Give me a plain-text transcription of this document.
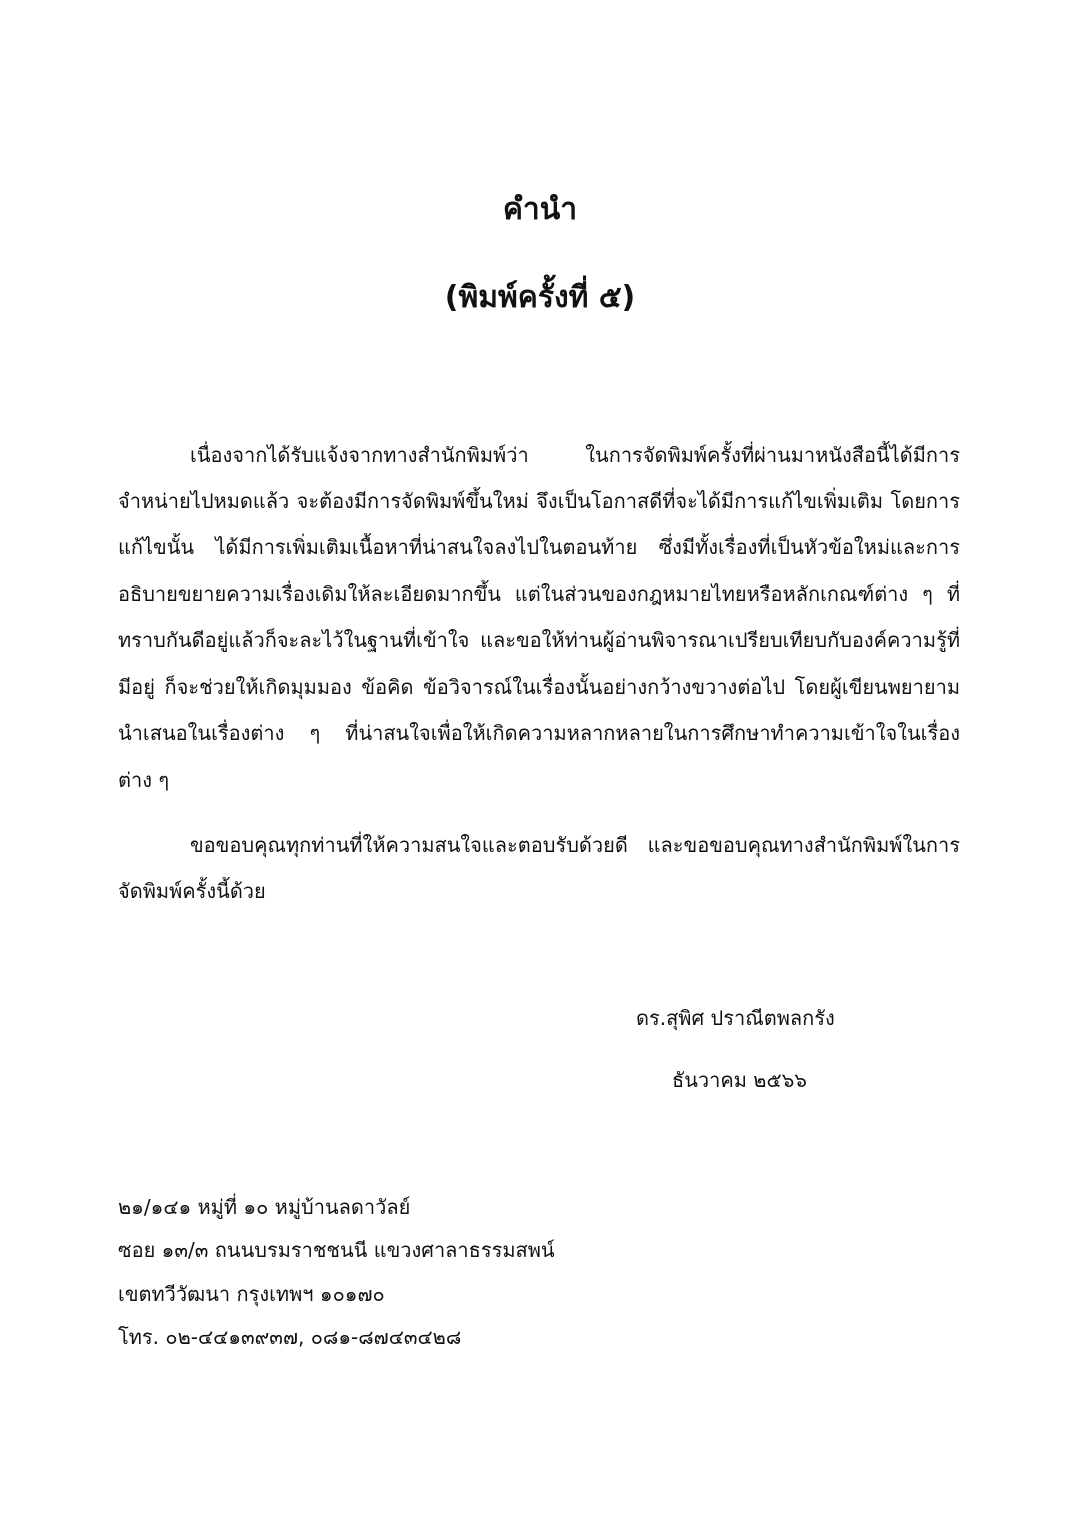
คำนำ
(พิมพ์ครั้งที่ ๕)
เนื่องจากได้รับแจ้งจากทางสำนักพิมพ์ว่า ในการจัดพิมพ์ครั้งที่ผ่านมาหนังสือนี้ได้มีการ
จำหน่ายไปหมดแล้ว จะต้องมีการจัดพิมพ์ขึ้นใหม่ จึงเป็นโอกาสดีที่จะได้มีการแก้ไขเพิ่มเติม โดยการ
แก้ไขนั้น ได้มีการเพิ่มเติมเนื้อหาที่น่าสนใจลงไปในตอนท้าย ซึ่งมีทั้งเรื่องที่เป็นหัวข้อใหม่และการ
อธิบายขยายความเรื่องเดิมให้ละเอียดมากขึ้น แต่ในส่วนของกฎหมายไทยหรือหลักเกณฑ์ต่าง ๆ ที่
ทราบกันดีอยู่แล้วก็จะละไว้ในฐานที่เข้าใจ และขอให้ท่านผู้อ่านพิจารณาเปรียบเทียบกับองค์ความรู้ที่
มีอยู่ ก็จะช่วยให้เกิดมุมมอง ข้อคิด ข้อวิจารณ์ในเรื่องนั้นอย่างกว้างขวางต่อไป โดยผู้เขียนพยายาม
นำเสนอในเรื่องต่าง ๆ ที่น่าสนใจเพื่อให้เกิดความหลากหลายในการศึกษาทำความเข้าใจในเรื่อง
ต่าง ๆ
ขอขอบคุณทุกท่านที่ให้ความสนใจและตอบรับด้วยดี และขอขอบคุณทางสำนักพิมพ์ในการ
จัดพิมพ์ครั้งนี้ด้วย
ดร.สุพิศ ปราณีตพลกรัง
ธันวาคม ๒๕๖๖
๒๑/๑๔๑ หมู่ที่ ๑๐ หมู่บ้านลดาวัลย์
ซอย ๑๓/๓ ถนนบรมราชชนนี แขวงศาลาธรรมสพน์
เขตทวีวัฒนา กรุงเทพฯ ๑๐๑๗๐
โทร. ๐๒-๔๔๑๓๙๓๗, ๐๘๑-๘๗๔๓๔๒๘
